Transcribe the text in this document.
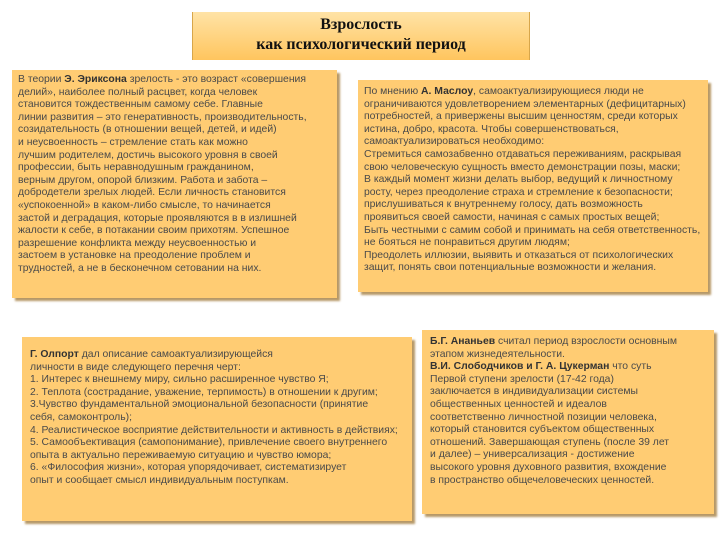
Взрослость
как психологический период
В теории Э. Эриксона зрелость - это возраст «совершения
делий», наиболее полный расцвет, когда человек
становится тождественным самому себе. Главные
линии развития – это генеративность, производительность,
созидательность (в отношении вещей, детей, и идей)
и неусвоенность – стремление стать как можно
лучшим родителем, достичь высокого уровня в своей
профессии, быть неравнодушным гражданином,
верным другом, опорой близким. Работа и забота –
добродетели зрелых людей. Если личность становится
«успокоенной» в каком-либо смысле, то начинается
застой и деградация, которые проявляются в в излишней
жалости к себе, в потакании своим прихотям. Успешное
разрешение конфликта между неусвоенностью и
застоем в установке на преодоление проблем и
трудностей, а не в бесконечном сетовании на них.
По мнению А. Маслоу, самоактуализирующиеся люди не
ограничиваются удовлетворением элементарных (дефицитарных)
потребностей, а привержены высшим ценностям, среди которых
истина, добро, красота. Чтобы совершенствоваться,
самоактуализироваться необходимо:
Стремиться самозабвенно отдаваться переживаниям, раскрывая
свою человеческую сущность вместо демонстрации позы, маски;
В каждый момент жизни делать выбор, ведущий к личностному
росту, через преодоление страха и стремление к безопасности;
прислушиваться к внутреннему голосу, дать возможность
проявиться своей самости, начиная с самых простых вещей;
Быть честными с самим собой и принимать на себя ответственность,
не бояться не понравиться другим людям;
Преодолеть иллюзии, выявить и отказаться от психологических
защит, понять свои потенциальные возможности и желания.
Г. Олпорт дал описание самоактуализирующейся
личности в виде следующего перечня черт:
1. Интерес к внешнему миру, сильно расширенное чувство Я;
2. Теплота (сострадание, уважение, терпимость) в отношении к другим;
3.Чувство фундаментальной эмоциональной безопасности (принятие
себя, самоконтроль);
4. Реалистическое восприятие действительности и активность в действиях;
5. Самообъективация (самопонимание), привлечение своего внутреннего
опыта в актуально переживаемую ситуацию и чувство юмора;
6. «Философия жизни», которая упорядочивает, систематизирует
опыт и сообщает смысл индивидуальным поступкам.
Б.Г. Ананьев считал период взрослости основным
этапом жизнедеятельности.
В.И. Слободчиков и Г. А. Цукерман что суть
Первой ступени зрелости (17-42 года)
заключается в индивидуализации системы
общественных ценностей и идеалов
соответственно личностной позиции человека,
который становится субъектом общественных
отношений. Завершающая ступень (после 39 лет
и далее) – универсализация - достижение
высокого уровня духовного развития, вхождение
в пространство общечеловеческих ценностей.
